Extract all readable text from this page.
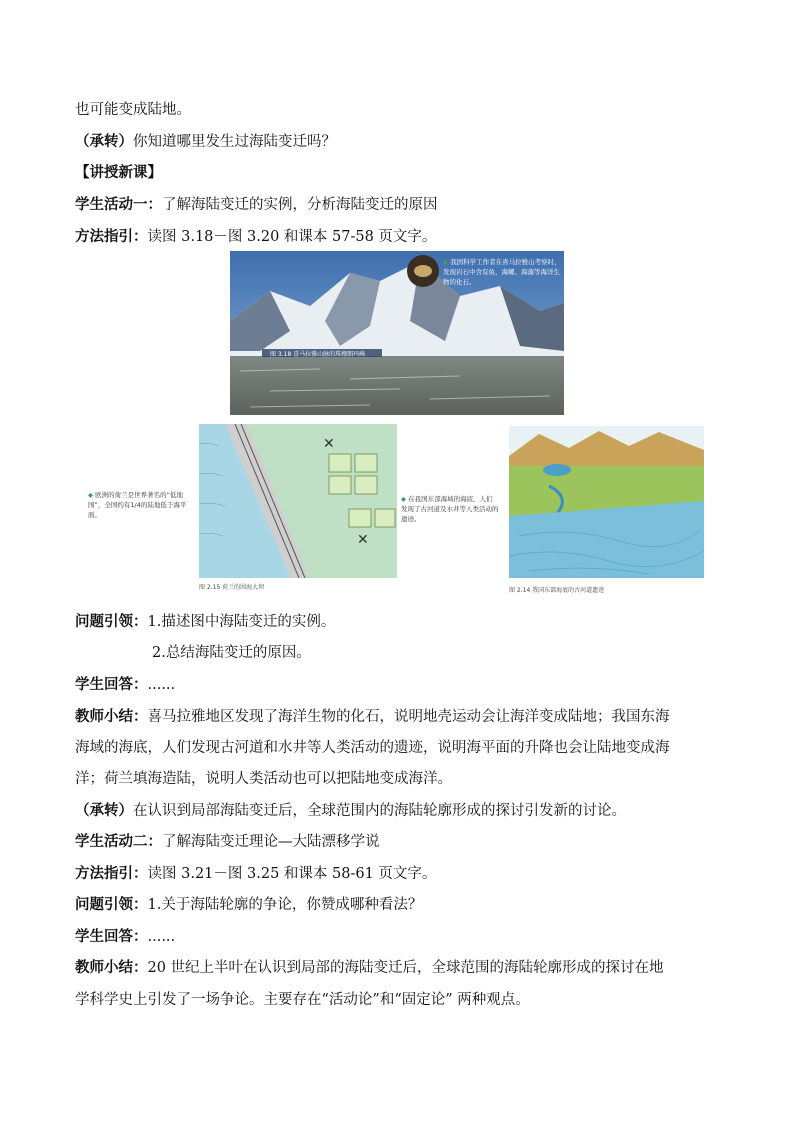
也可能变成陆地。
（承转）你知道哪里发生过海陆变迁吗？
【讲授新课】
学生活动一：了解海陆变迁的实例，分析海陆变迁的原因
方法指引：读图 3.18－图 3.20 和课本 57-58 页文字。
图 3.18 喜马拉雅山脉的珠穆朗玛峰
◆ 我国科学工作者在喜马拉雅山考察时，发现岩石中含有鱼、海螺、海藻等海洋生物的化石。
✕
✕
图 2.15 荷兰的围海大坝
◆ 欧洲的荷兰是世界著名的“低地国”，全国约有1/4的陆地低于海平面。
◆ 在我国东部海域的海底，人们发现了古河道及水井等人类活动的遗迹。
图 2.14 我国东部海底的古河道遗迹
问题引领：1.描述图中海陆变迁的实例。
2.总结海陆变迁的原因。
学生回答：......
教师小结：喜马拉雅地区发现了海洋生物的化石，说明地壳运动会让海洋变成陆地；我国东海
海域的海底，人们发现古河道和水井等人类活动的遗迹，说明海平面的升降也会让陆地变成海
洋；荷兰填海造陆，说明人类活动也可以把陆地变成海洋。
（承转）在认识到局部海陆变迁后，全球范围内的海陆轮廓形成的探讨引发新的讨论。
学生活动二：了解海陆变迁理论—大陆漂移学说
方法指引：读图 3.21－图 3.25 和课本 58-61 页文字。
问题引领：1.关于海陆轮廓的争论，你赞成哪种看法？
学生回答：......
教师小结：20 世纪上半叶在认识到局部的海陆变迁后，全球范围的海陆轮廓形成的探讨在地
学科学史上引发了一场争论。主要存在“活动论”和“固定论” 两种观点。
